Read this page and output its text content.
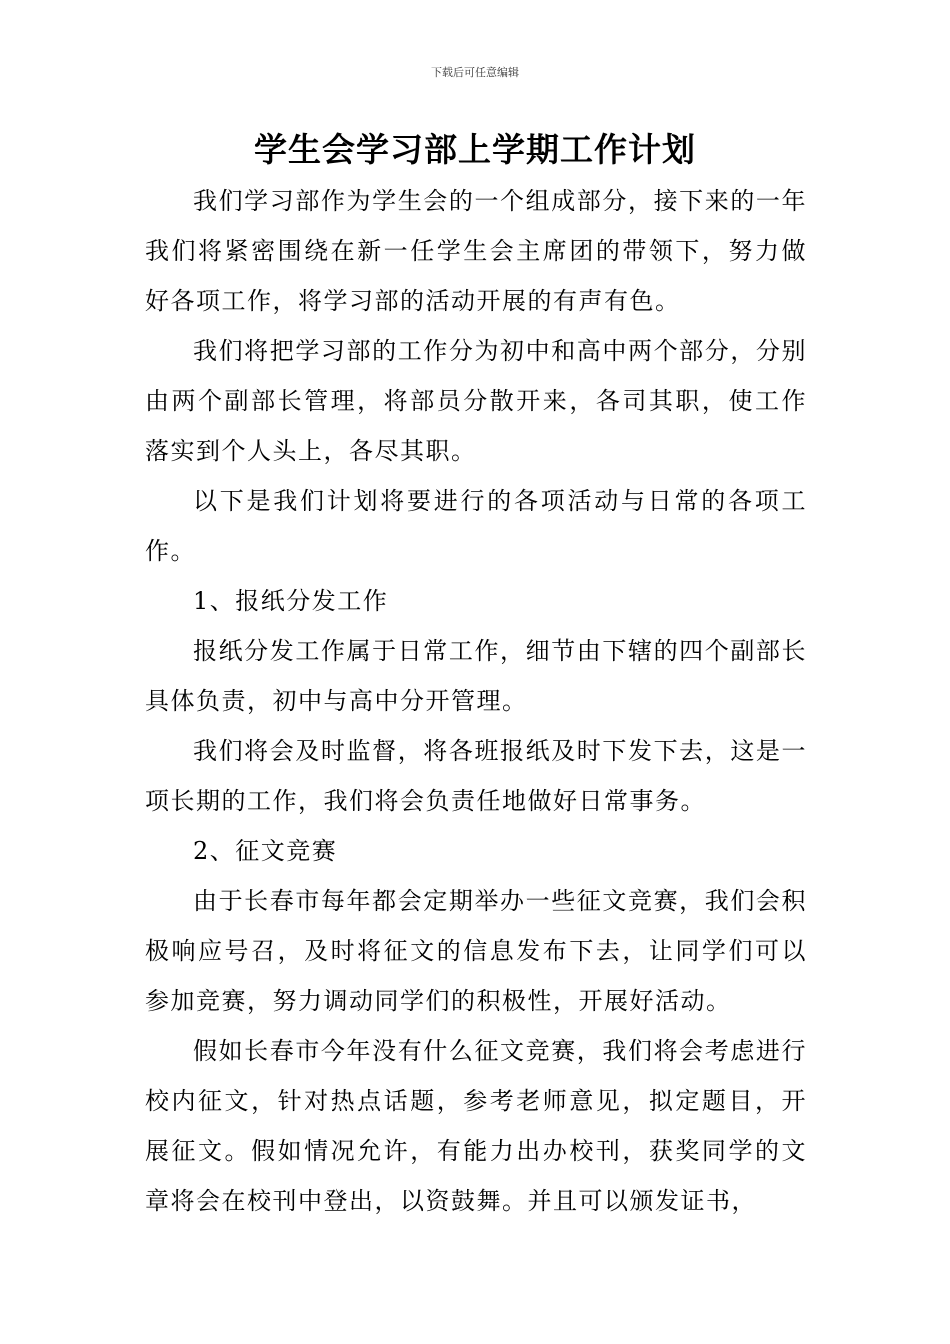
下载后可任意编辑
学生会学习部上学期工作计划

我们学习部作为学生会的一个组成部分，接下来的一年我们将紧密围绕在新一任学生会主席团的带领下，努力做好各项工作，将学习部的活动开展的有声有色。

我们将把学习部的工作分为初中和高中两个部分，分别由两个副部长管理，将部员分散开来，各司其职，使工作落实到个人头上，各尽其职。

以下是我们计划将要进行的各项活动与日常的各项工作。

1、报纸分发工作

报纸分发工作属于日常工作，细节由下辖的四个副部长具体负责，初中与高中分开管理。

我们将会及时监督，将各班报纸及时下发下去，这是一项长期的工作，我们将会负责任地做好日常事务。

2、征文竞赛

由于长春市每年都会定期举办一些征文竞赛，我们会积极响应号召，及时将征文的信息发布下去，让同学们可以参加竞赛，努力调动同学们的积极性，开展好活动。

假如长春市今年没有什么征文竞赛，我们将会考虑进行校内征文，针对热点话题，参考老师意见，拟定题目，开展征文。假如情况允许，有能力出办校刊，获奖同学的文章将会在校刊中登出，以资鼓舞。并且可以颁发证书，
